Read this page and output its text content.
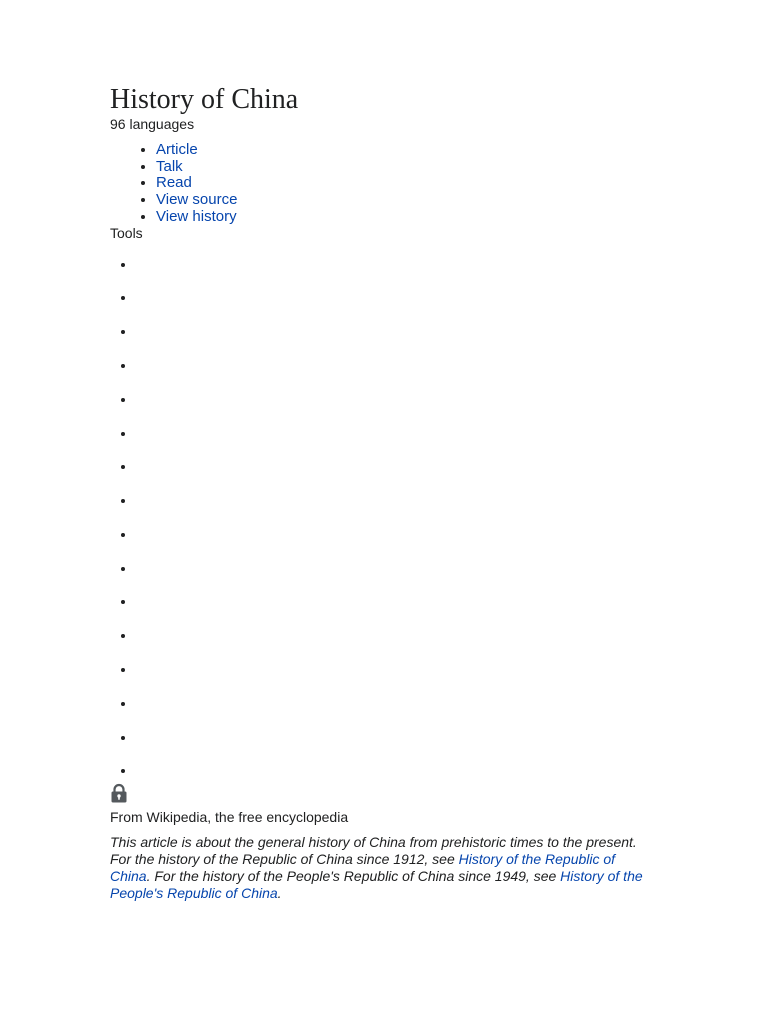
History of China
96 languages
• Article
• Talk
• Read
• View source
• View history
Tools
•
•
•
•
•
•
•
•
•
•
•
•
•
•
•
•
From Wikipedia, the free encyclopedia
This article is about the general history of China from prehistoric times to the present. For the history of the Republic of China since 1912, see History of the Republic of China. For the history of the People's Republic of China since 1949, see History of the People's Republic of China.
